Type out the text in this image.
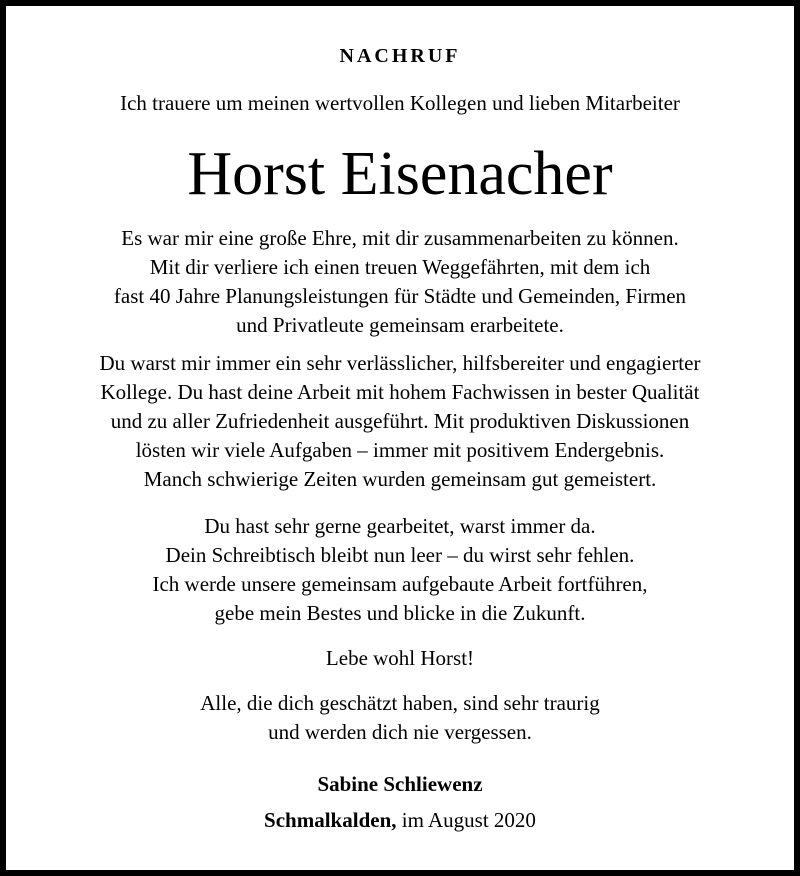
NACHRUF
Ich trauere um meinen wertvollen Kollegen und lieben Mitarbeiter
Horst Eisenacher
Es war mir eine große Ehre, mit dir zusammenarbeiten zu können.
Mit dir verliere ich einen treuen Weggefährten, mit dem ich
fast 40 Jahre Planungsleistungen für Städte und Gemeinden, Firmen
und Privatleute gemeinsam erarbeitete.
Du warst mir immer ein sehr verlässlicher, hilfsbereiter und engagierter
Kollege. Du hast deine Arbeit mit hohem Fachwissen in bester Qualität
und zu aller Zufriedenheit ausgeführt. Mit produktiven Diskussionen
lösten wir viele Aufgaben – immer mit positivem Endergebnis.
Manch schwierige Zeiten wurden gemeinsam gut gemeistert.
Du hast sehr gerne gearbeitet, warst immer da.
Dein Schreibtisch bleibt nun leer – du wirst sehr fehlen.
Ich werde unsere gemeinsam aufgebaute Arbeit fortführen,
gebe mein Bestes und blicke in die Zukunft.
Lebe wohl Horst!
Alle, die dich geschätzt haben, sind sehr traurig
und werden dich nie vergessen.
Sabine Schliewenz
Schmalkalden, im August 2020
